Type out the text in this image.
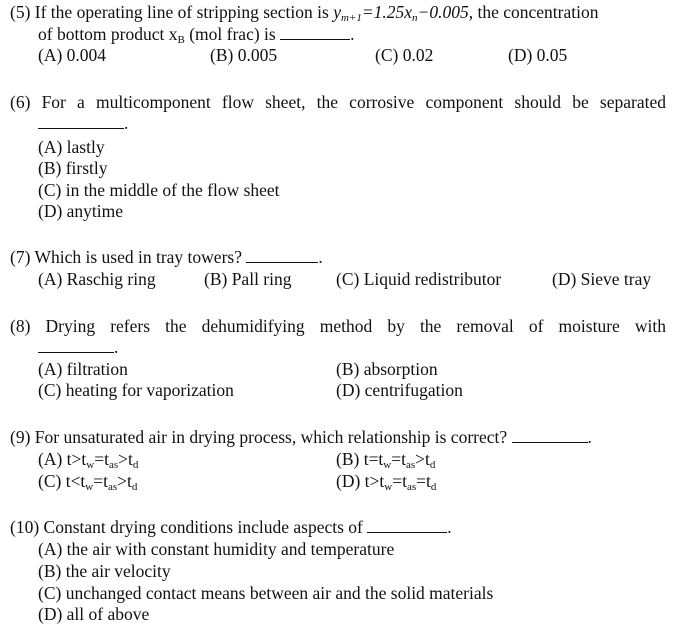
(5) If the operating line of stripping section is $y_{m+1}=1.25x_n-0.005$, the concentration
of bottom product $x_B$ (mol frac) is	.
(A) 0.004	(B) 0.005	(C) 0.02	(D) 0.05
(6) For a multicomponent flow sheet, the corrosive component should be separated
.
(A) lastly
(B) firstly
(C) in the middle of the flow sheet
(D) anytime
(7) Which is used in tray towers?	.
(A) Raschig ring	(B) Pall ring	(C) Liquid redistributor	(D) Sieve tray
(8) Drying refers the dehumidifying method by the removal of moisture with
.
(A) filtration	(B) absorption
(C) heating for vaporization	(D) centrifugation
(9) For unsaturated air in drying process, which relationship is correct?	.
(A) $t>t_w=t_{as}>t_d$	(B) $t=t_w=t_{as}>t_d$
(C) $t<t_w=t_{as}>t_d$	(D) $t>t_w=t_{as}=t_d$
(10) Constant drying conditions include aspects of	.
(A) the air with constant humidity and temperature
(B) the air velocity
(C) unchanged contact means between air and the solid materials
(D) all of above
